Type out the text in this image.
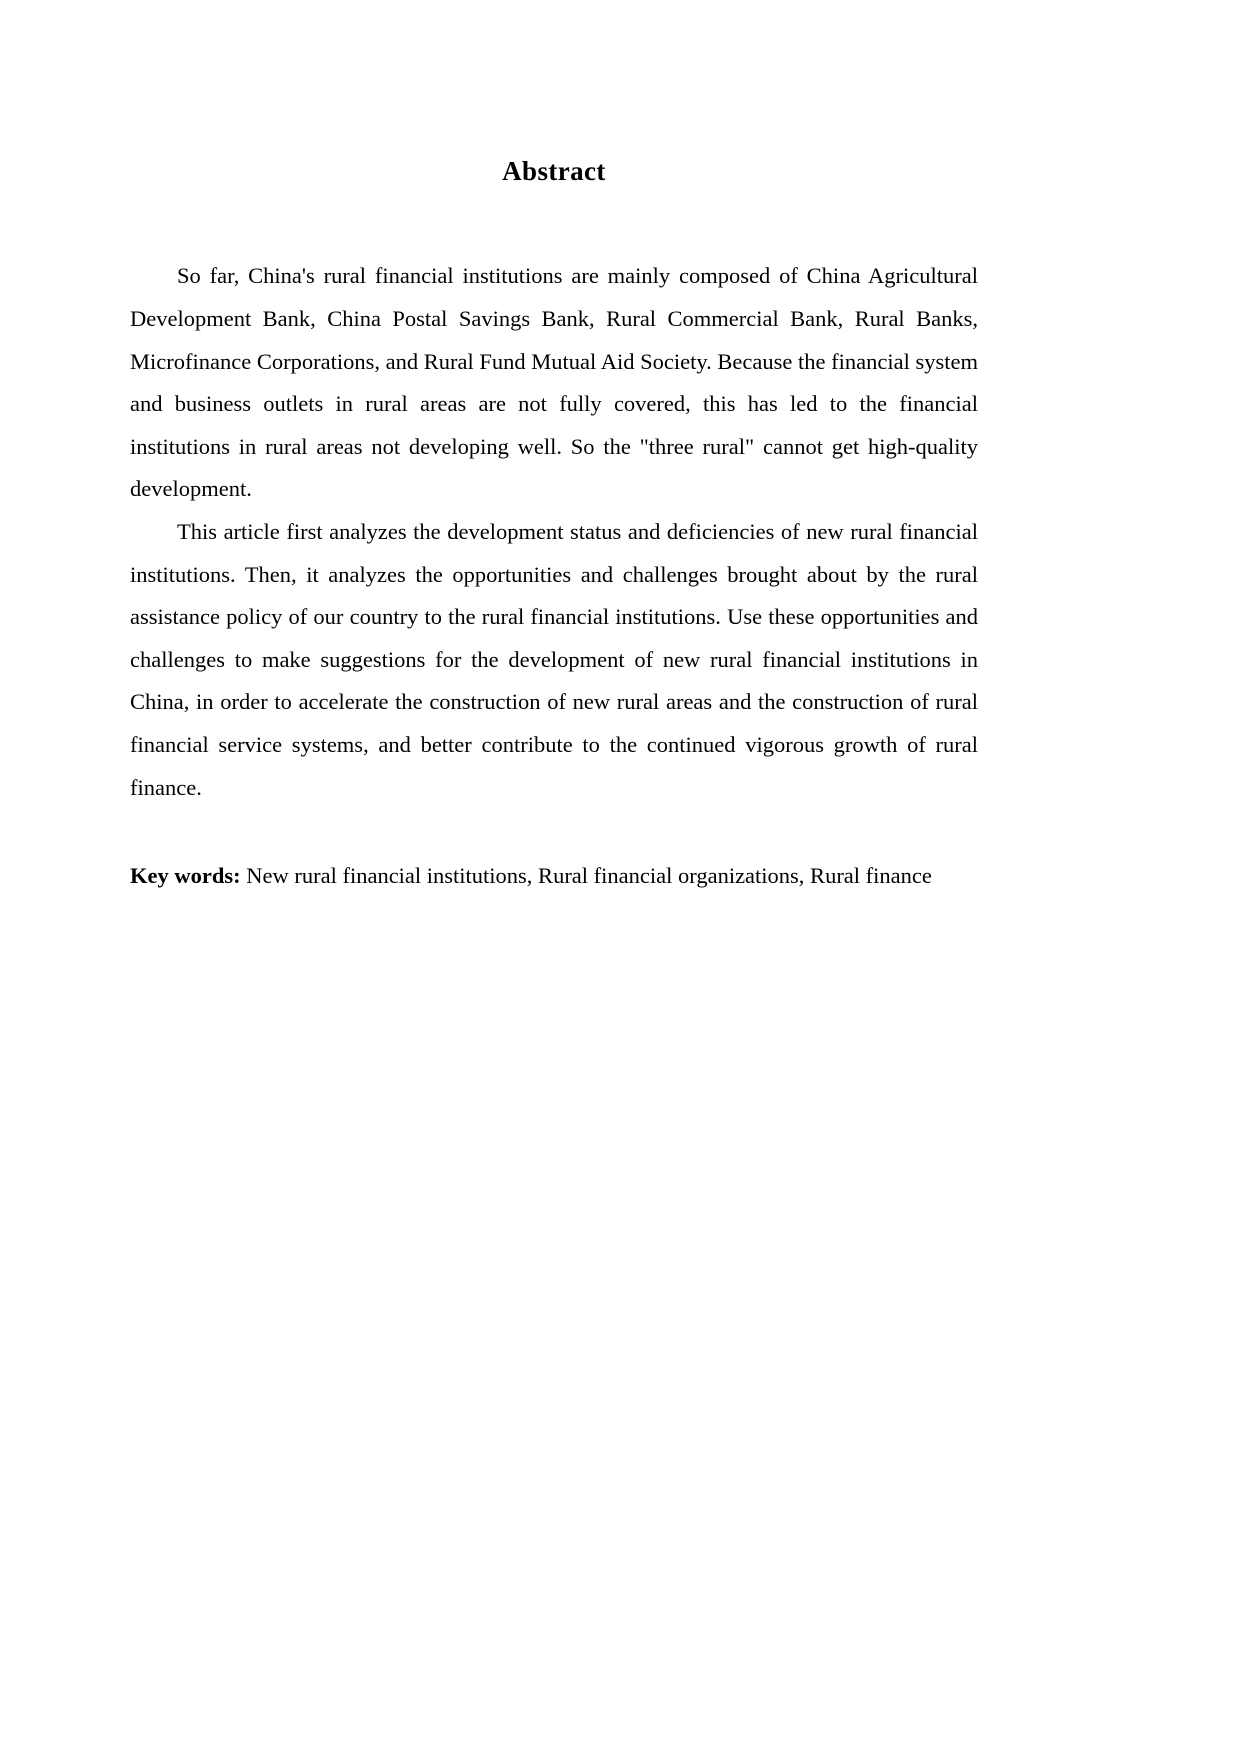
Abstract

So far, China's rural financial institutions are mainly composed of China Agricultural Development Bank, China Postal Savings Bank, Rural Commercial Bank, Rural Banks, Microfinance Corporations, and Rural Fund Mutual Aid Society. Because the financial system and business outlets in rural areas are not fully covered, this has led to the financial institutions in rural areas not developing well. So the "three rural" cannot get high-quality development.

This article first analyzes the development status and deficiencies of new rural financial institutions. Then, it analyzes the opportunities and challenges brought about by the rural assistance policy of our country to the rural financial institutions. Use these opportunities and challenges to make suggestions for the development of new rural financial institutions in China, in order to accelerate the construction of new rural areas and the construction of rural financial service systems, and better contribute to the continued vigorous growth of rural finance.

Key words: New rural financial institutions, Rural financial organizations, Rural finance
